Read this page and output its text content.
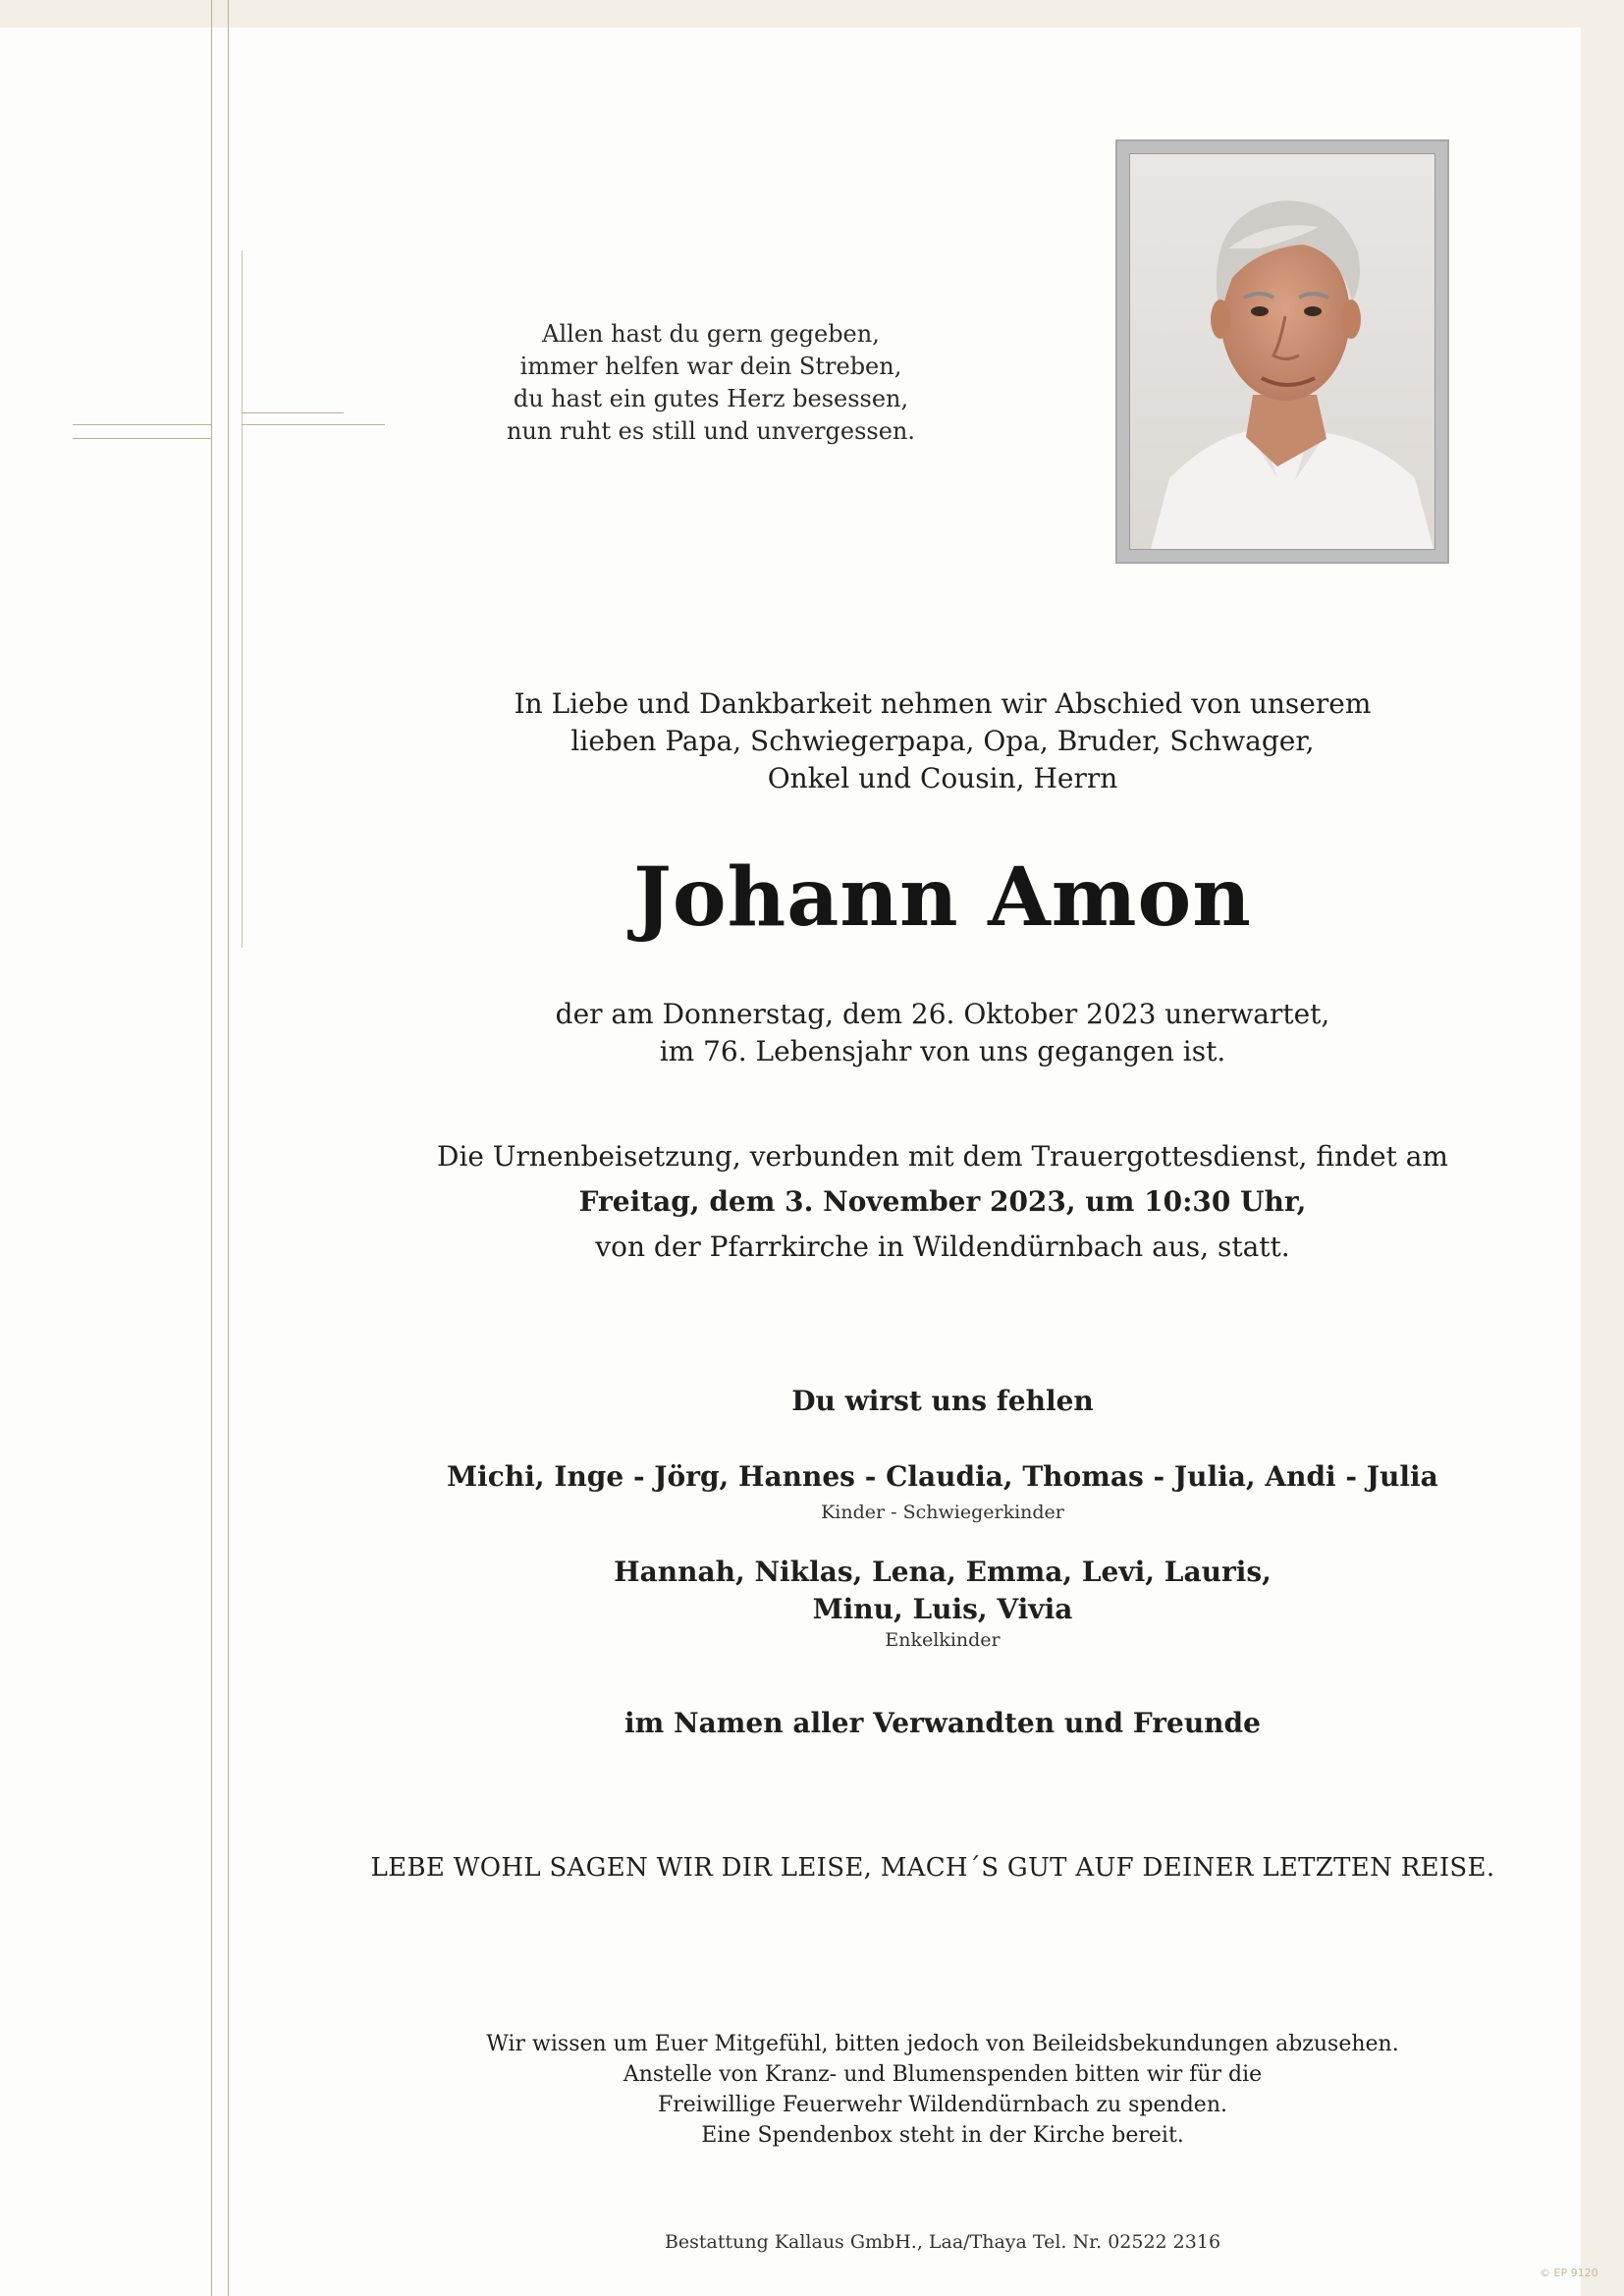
Allen hast du gern gegeben,
immer helfen war dein Streben,
du hast ein gutes Herz besessen,
nun ruht es still und unvergessen.
In Liebe und Dankbarkeit nehmen wir Abschied von unserem
lieben Papa, Schwiegerpapa, Opa, Bruder, Schwager,
Onkel und Cousin, Herrn
Johann Amon
der am Donnerstag, dem 26. Oktober 2023 unerwartet,
im 76. Lebensjahr von uns gegangen ist.
Die Urnenbeisetzung, verbunden mit dem Trauergottesdienst, findet am
Freitag, dem 3. November 2023, um 10:30 Uhr,
von der Pfarrkirche in Wildendürnbach aus, statt.
Du wirst uns fehlen
Michi, Inge - Jörg, Hannes - Claudia, Thomas - Julia, Andi - Julia
Kinder - Schwiegerkinder
Hannah, Niklas, Lena, Emma, Levi, Lauris,
Minu, Luis, Vivia
Enkelkinder
im Namen aller Verwandten und Freunde
LEBE WOHL SAGEN WIR DIR LEISE, MACH´S GUT AUF DEINER LETZTEN REISE.
Wir wissen um Euer Mitgefühl, bitten jedoch von Beileidsbekundungen abzusehen.
Anstelle von Kranz- und Blumenspenden bitten wir für die
Freiwillige Feuerwehr Wildendürnbach zu spenden.
Eine Spendenbox steht in der Kirche bereit.
Bestattung Kallaus GmbH., Laa/Thaya Tel. Nr. 02522 2316
© EP 9120
